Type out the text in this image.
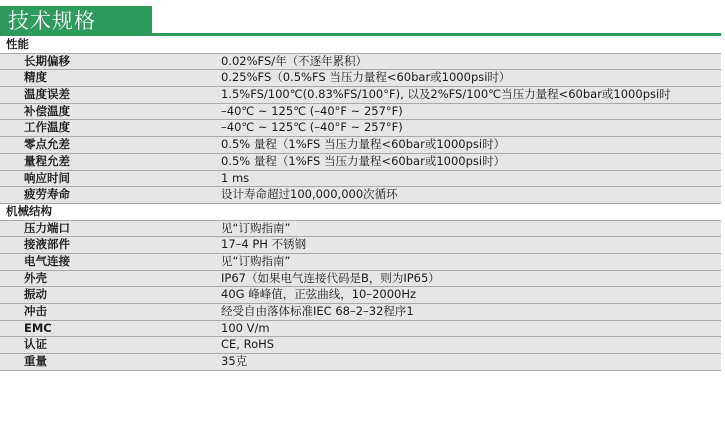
技术规格
性能
长期偏移	0.02%FS/年（不逐年累积）
精度	0.25%FS（0.5%FS 当压力量程<60bar或1000psi时）
温度误差	1.5%FS/100℃(0.83%FS/100°F), 以及2%FS/100℃当压力量程<60bar或1000psi时
补偿温度	–40℃ ~ 125℃ (–40°F ~ 257°F)
工作温度	–40℃ ~ 125℃ (–40°F ~ 257°F)
零点允差	0.5% 量程（1%FS 当压力量程<60bar或1000psi时）
量程允差	0.5% 量程（1%FS 当压力量程<60bar或1000psi时）
响应时间	1 ms
疲劳寿命	设计寿命超过100,000,000次循环
机械结构
压力端口	见“订购指南”
接液部件	17–4 PH 不锈钢
电气连接	见“订购指南”
外壳	IP67（如果电气连接代码是B，则为IP65）
振动	40G 峰峰值，正弦曲线，10–2000Hz
冲击	经受自由落体标准IEC 68–2–32程序1
EMC	100 V/m
认证	CE, RoHS
重量	35克
